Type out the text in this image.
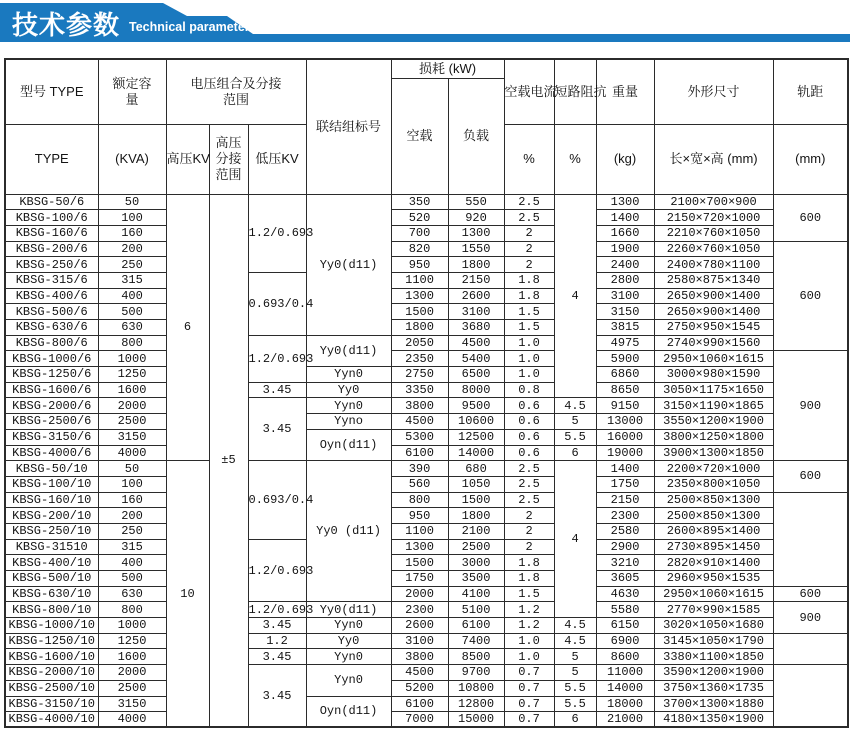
技术参数 Technical parameter
型号 TYPE	额定容量	电压组合及分接范围			联结组标号	损耗 (kW)		空载电流	短路阻抗	重量	外形尺寸	轨距
						空载	负载					
TYPE	(KVA)	高压KV	高压分接范围	低压KV				%	%	(kg)	长×宽×高 (mm)	(mm)
KBSG-50/6	50	6	±5	1.2/0.693	Yy0(d11)	350	550	2.5	4	1300	2100×700×900	600
KBSG-100/6	100					520	920	2.5		1400	2150×720×1000	
KBSG-160/6	160					700	1300	2		1660	2210×760×1050	
KBSG-200/6	200					820	1550	2		1900	2260×760×1050	600
KBSG-250/6	250					950	1800	2		2400	2400×780×1100	
KBSG-315/6	315			0.693/0.4		1100	2150	1.8		2800	2580×875×1340	
KBSG-400/6	400					1300	2600	1.8		3100	2650×900×1400	
KBSG-500/6	500					1500	3100	1.5		3150	2650×900×1400	
KBSG-630/6	630					1800	3680	1.5		3815	2750×950×1545	
KBSG-800/6	800			1.2/0.693	Yy0(d11)	2050	4500	1.0		4975	2740×990×1560	
KBSG-1000/6	1000					2350	5400	1.0		5900	2950×1060×1615	900
KBSG-1250/6	1250				Yyn0	2750	6500	1.0		6860	3000×980×1590	
KBSG-1600/6	1600			3.45	Yy0	3350	8000	0.8		8650	3050×1175×1650	
KBSG-2000/6	2000			3.45	Yyn0	3800	9500	0.6	4.5	9150	3150×1190×1865	
KBSG-2500/6	2500				Yyno	4500	10600	0.6	5	13000	3550×1200×1900	
KBSG-3150/6	3150				Oyn(d11)	5300	12500	0.6	5.5	16000	3800×1250×1800	
KBSG-4000/6	4000					6100	14000	0.6	6	19000	3900×1300×1850	
KBSG-50/10	50	10		0.693/0.4	Yy0 (d11)	390	680	2.5	4	1400	2200×720×1000	600
KBSG-100/10	100					560	1050	2.5		1750	2350×800×1050	
KBSG-160/10	160					800	1500	2.5		2150	2500×850×1300	
KBSG-200/10	200					950	1800	2		2300	2500×850×1300	
KBSG-250/10	250					1100	2100	2		2580	2600×895×1400	
KBSG-31510	315			1.2/0.693		1300	2500	2		2900	2730×895×1450	
KBSG-400/10	400					1500	3000	1.8		3210	2820×910×1400	
KBSG-500/10	500					1750	3500	1.8		3605	2960×950×1535	
KBSG-630/10	630					2000	4100	1.5		4630	2950×1060×1615	600
KBSG-800/10	800			1.2/0.693	Yy0(d11)	2300	5100	1.2		5580	2770×990×1585	900
KBSG-1000/10	1000			3.45	Yyn0	2600	6100	1.2	4.5	6150	3020×1050×1680	
KBSG-1250/10	1250			1.2	Yy0	3100	7400	1.0	4.5	6900	3145×1050×1790	
KBSG-1600/10	1600			3.45	Yyn0	3800	8500	1.0	5	8600	3380×1100×1850	
KBSG-2000/10	2000			3.45	Yyn0	4500	9700	0.7	5	11000	3590×1200×1900	
KBSG-2500/10	2500					5200	10800	0.7	5.5	14000	3750×1360×1735	
KBSG-3150/10	3150				Oyn(d11)	6100	12800	0.7	5.5	18000	3700×1300×1880	
KBSG-4000/10	4000					7000	15000	0.7	6	21000	4180×1350×1900	
